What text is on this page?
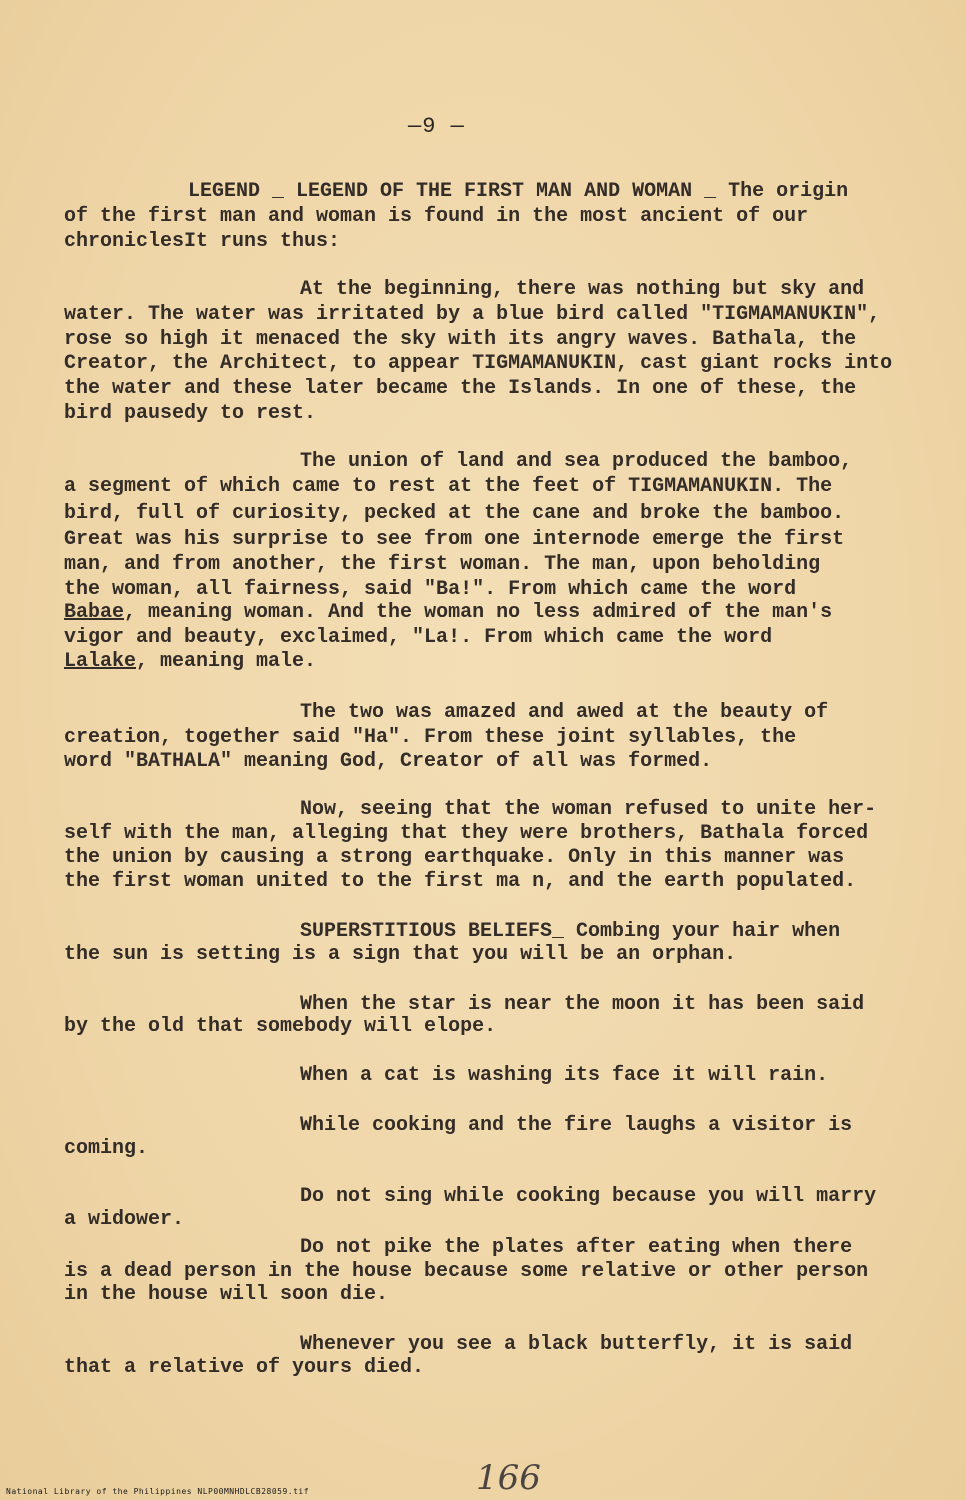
—9 —
LEGEND _ LEGEND OF THE FIRST MAN AND WOMAN _ The origin
of the first man and woman is found in the most ancient of our
chroniclesIt runs thus:
At the beginning, there was nothing but sky and
water. The water was irritated by a blue bird called "TIGMAMANUKIN",
rose so high it menaced the sky with its angry waves. Bathala, the
Creator, the Architect, to appear TIGMAMANUKIN, cast giant rocks into
the water and these later became the Islands. In one of these, the
bird pausedy to rest.
The union of land and sea produced the bamboo,
a segment of which came to rest at the feet of TIGMAMANUKIN. The
bird, full of curiosity, pecked at the cane and broke the bamboo.
Great was his surprise to see from one internode emerge the first
man, and from another, the first woman. The man, upon beholding
the woman, all fairness, said "Ba!". From which came the word
Babae, meaning woman. And the woman no less admired of the man's
vigor and beauty, exclaimed, "La!. From which came the word
Lalake, meaning male.
The two was amazed and awed at the beauty of
creation, together said "Ha". From these joint syllables, the
word "BATHALA" meaning God, Creator of all was formed.
Now, seeing that the woman refused to unite her-
self with the man, alleging that they were brothers, Bathala forced
the union by causing a strong earthquake. Only in this manner was
the first woman united to the first ma n, and the earth populated.
SUPERSTITIOUS BELIEFS_ Combing your hair when
the sun is setting is a sign that you will be an orphan.
When the star is near the moon it has been said
by the old that somebody will elope.
When a cat is washing its face it will rain.
While cooking and the fire laughs a visitor is
coming.
Do not sing while cooking because you will marry
a widower.
Do not pike the plates after eating when there
is a dead person in the house because some relative or other person
in the house will soon die.
Whenever you see a black butterfly, it is said
that a relative of yours died.
166
National Library of the Philippines NLP00MNHDLCB28059.tif
